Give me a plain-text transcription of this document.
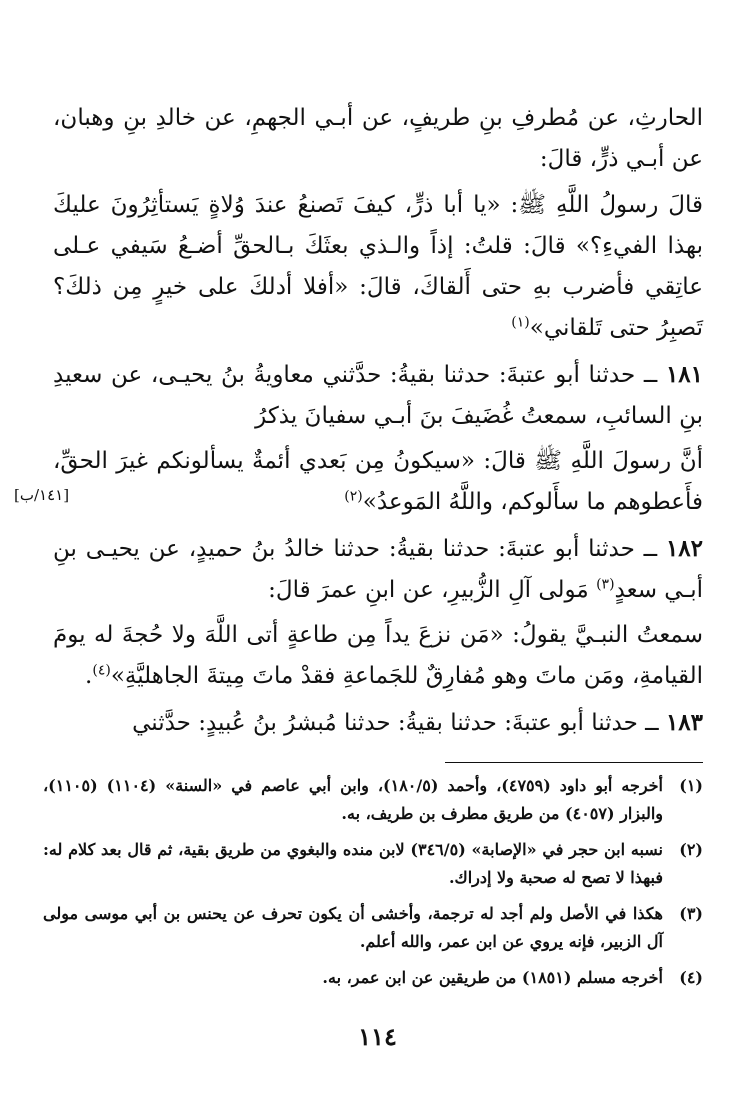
الحارثِ، عن مُطرفِ بنِ طريفٍ، عن أبـي الجهمِ، عن خالدِ بنِ وهبان، عن أبـي ذرٍّ، قالَ:

قالَ رسولُ اللَّهِ ﷺ: «يا أبا ذرٍّ، كيفَ تَصنعُ عندَ وُلاةٍ يَستأثِرُونَ عليكَ بهذا الفيءِ؟» قالَ: قلتُ: إذاً والـذي بعثَكَ بـالحقِّ أضـعُ سَيفي عـلى عاتِقي فأضرب بهِ حتى أَلقاكَ، قالَ: «أفلا أدلكَ على خيرٍ مِن ذلكَ؟ تَصبِرُ حتى تَلقاني»$^{(١)}$

١٨١ ــ حدثنا أبو عتبةَ: حدثنا بقيةُ: حدَّثني معاويةُ بنُ يحيـى، عن سعيدِ بنِ السائبِ، سمعتُ غُضَيفَ بنَ أبـي سفيانَ يذكرُ

أنَّ رسولَ اللَّهِ ﷺ قالَ: «سيكونُ مِن بَعدي أئمةٌ يسألونكم غيرَ الحقِّ، فأَعطوهم ما سأَلوكم، واللَّهُ المَوعدُ»$^{(٢)}$

[١٤١/ب]

١٨٢ ــ حدثنا أبو عتبةَ: حدثنا بقيةُ: حدثنا خالدُ بنُ حميدٍ، عن يحيـى بنِ أبـي سعدٍ$^{(٣)}$ مَولى آلِ الزُّبيرِ، عن ابنِ عمرَ قالَ:

سمعتُ النبـيَّ يقولُ: «مَن نزعَ يداً مِن طاعةٍ أتى اللَّهَ ولا حُجةَ له يومَ القيامةِ، ومَن ماتَ وهو مُفارِقٌ للجَماعةِ فقدْ ماتَ مِيتةَ الجاهليَّةِ»$^{(٤)}$.

١٨٣ ــ حدثنا أبو عتبةَ: حدثنا بقيةُ: حدثنا مُبشرُ بنُ عُبيدٍ: حدَّثني

(١)
أخرجه أبو داود (٤٧٥٩)، وأحمد (١٨٠/٥)، وابن أبي عاصم في «السنة» (١١٠٤) (١١٠٥)، والبزار (٤٠٥٧) من طريق مطرف بن طريف، به.
(٢)
نسبه ابن حجر في «الإصابة» (٣٤٦/٥) لابن منده والبغوي من طريق بقية، ثم قال بعد كلام له: فبهذا لا تصح له صحبة ولا إدراك.
(٣)
هكذا في الأصل ولم أجد له ترجمة، وأخشى أن يكون تحرف عن يحنس بن أبي موسى مولى آل الزبير، فإنه يروي عن ابن عمر، والله أعلم.
(٤)
أخرجه مسلم (١٨٥١) من طريقين عن ابن عمر، به.
١١٤
